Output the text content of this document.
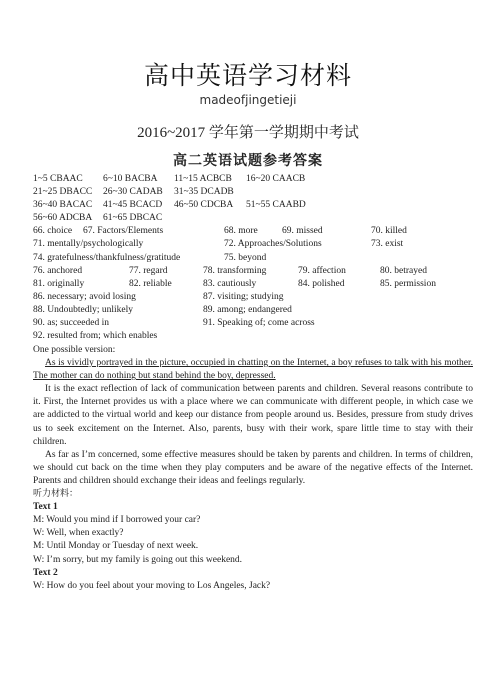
高中英语学习材料
madeofjingetieji
2016~2017 学年第一学期期中考试
高二英语试题参考答案
1~5 CBAAC 6~10 BACBA 11~15 ACBCB 16~20 CAACB
21~25 DBACC 26~30 CADAB 31~35 DCADB
36~40 BACAC 41~45 BCACD 46~50 CDCBA 51~55 CAABD
56~60 ADCBA 61~65 DBCAC
66. choice 67. Factors/Elements	68. more	69. missed	70. killed
71. mentally/psychologically	72. Approaches/Solutions	73. exist
74. gratefulness/thankfulness/gratitude	75. beyond
76. anchored	77. regard	78. transforming	79. affection	80. betrayed
81. originally	82. reliable	83. cautiously	84. polished	85. permission
86. necessary; avoid losing	87. visiting; studying
88. Undoubtedly; unlikely	89. among; endangered
90. as; succeeded in	91. Speaking of; come across
92. resulted from; which enables

One possible version:

As is vividly portrayed in the picture, occupied in chatting on the Internet, a boy refuses to talk with his mother. The mother can do nothing but stand behind the boy, depressed.

It is the exact reflection of lack of communication between parents and children. Several reasons contribute to it. First, the Internet provides us with a place where we can communicate with different people, in which case we are addicted to the virtual world and keep our distance from people around us. Besides, pressure from study drives us to seek excitement on the Internet. Also, parents, busy with their work, spare little time to stay with their children.

As far as I’m concerned, some effective measures should be taken by parents and children. In terms of children, we should cut back on the time when they play computers and be aware of the negative effects of the Internet. Parents and children should exchange their ideas and feelings regularly.

听力材料：

Text 1

M: Would you mind if I borrowed your car?

W: Well, when exactly?

M: Until Monday or Tuesday of next week.

W: I’m sorry, but my family is going out this weekend.

Text 2

W: How do you feel about your moving to Los Angeles, Jack?
